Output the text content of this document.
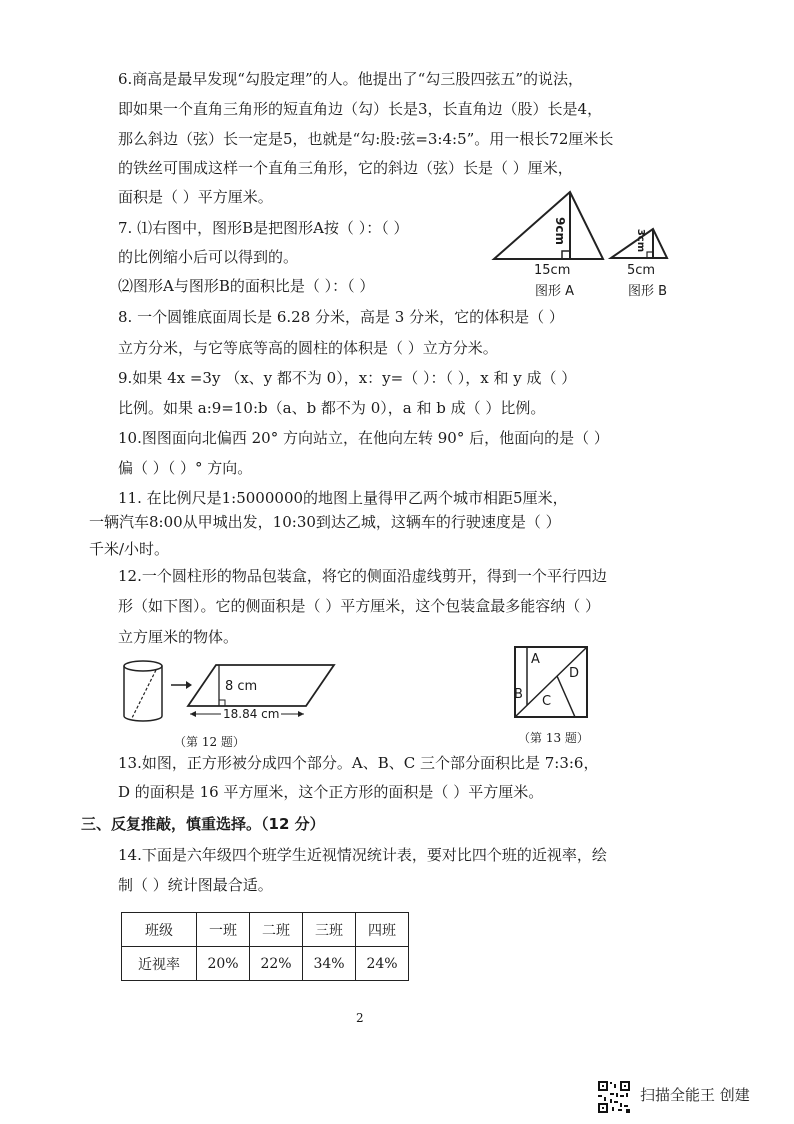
6.商高是最早发现“勾股定理”的人。他提出了“勾三股四弦五”的说法，
即如果一个直角三角形的短直角边（勾）长是3，长直角边（股）长是4，
那么斜边（弦）长一定是5，也就是“勾:股:弦=3:4:5”。用一根长72厘米长
的铁丝可围成这样一个直角三角形，它的斜边（弦）长是（ ）厘米，
面积是（ ）平方厘米。
7. ⑴右图中，图形B是把图形A按（ ）：（ ）
的比例缩小后可以得到的。
⑵图形A与图形B的面积比是（ ）：（ ）
9cm
15cm
图形 A
3cm
5cm
图形 B
8. 一个圆锥底面周长是 6.28 分米，高是 3 分米，它的体积是（ ）
立方分米，与它等底等高的圆柱的体积是（ ）立方分米。
9.如果 4x =3y （x、y 都不为 0），x：y=（ ）：（ ），x 和 y 成（ ）
比例。如果 a:9=10:b（a、b 都不为 0），a 和 b 成（ ）比例。
10.图图面向北偏西 20° 方向站立，在他向左转 90° 后，他面向的是（ ）
偏（ ）（ ）° 方向。
11. 在比例尺是1:5000000的地图上量得甲乙两个城市相距5厘米，
一辆汽车8:00从甲城出发，10:30到达乙城，这辆车的行驶速度是（ ）
千米/小时。
12.一个圆柱形的物品包装盒，将它的侧面沿虚线剪开，得到一个平行四边
形（如下图）。它的侧面积是（ ）平方厘米，这个包装盒最多能容纳（ ）
立方厘米的物体。
8 cm
18.84 cm
（第 12 题）
A
B C
D
（第 13 题）
13.如图，正方形被分成四个部分。A、B、C 三个部分面积比是 7:3:6，
D 的面积是 16 平方厘米，这个正方形的面积是（ ）平方厘米。
三、反复推敲，慎重选择。（12 分）
14.下面是六年级四个班学生近视情况统计表，要对比四个班的近视率，绘
制（ ）统计图最合适。
班级	一班	二班	三班	四班
近视率	20%	22%	34%	24%
2
扫描全能王 创建
